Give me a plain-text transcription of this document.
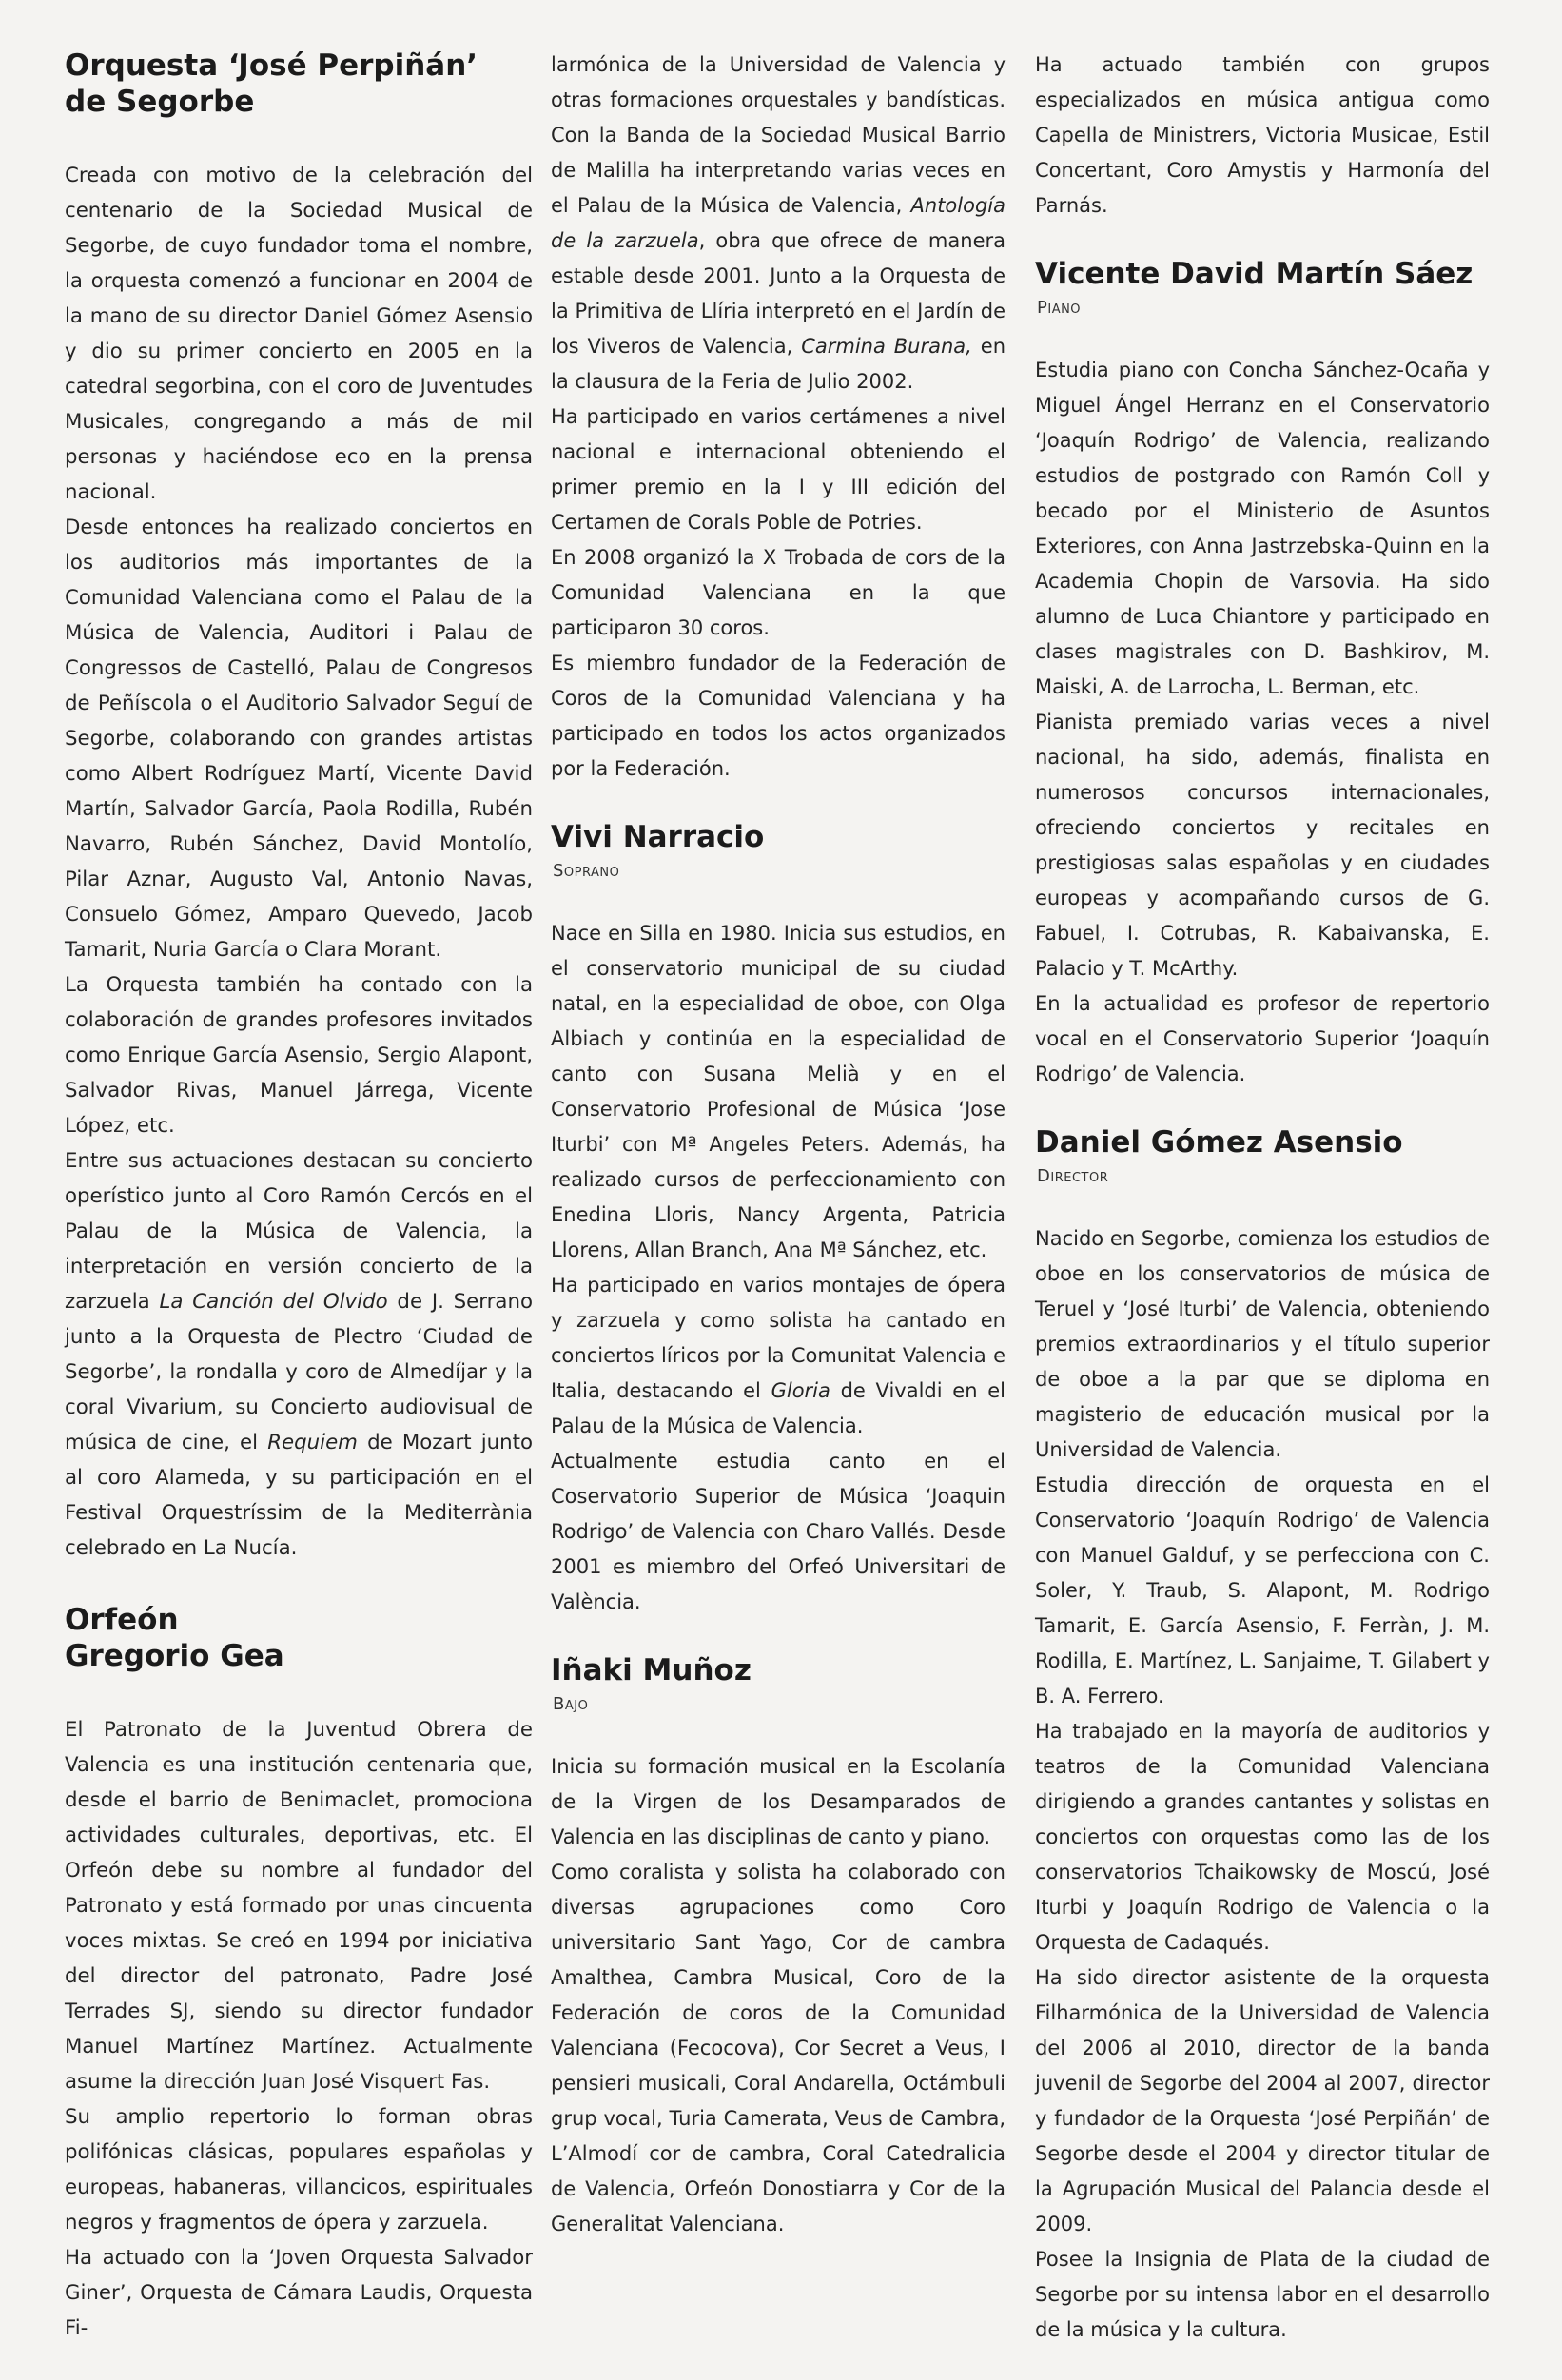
Orquesta ‘José Perpiñán’
de Segorbe

Creada con motivo de la celebración del centenario de la Sociedad Musical de Segorbe, de cuyo fundador toma el nombre, la orquesta comenzó a funcionar en 2004 de la mano de su director Daniel Gómez Asensio y dio su primer concierto en 2005 en la catedral segorbina, con el coro de Juventudes Musicales, congregando a más de mil personas y haciéndose eco en la prensa nacional.

Desde entonces ha realizado conciertos en los auditorios más importantes de la Comunidad Valenciana como el Palau de la Música de Valencia, Auditori i Palau de Congressos de Castelló, Palau de Congresos de Peñíscola o el Auditorio Salvador Seguí de Segorbe, colaborando con grandes artistas como Albert Rodríguez Martí, Vicente David Martín, Salvador García, Paola Rodilla, Rubén Navarro, Rubén Sánchez, David Montolío, Pilar Aznar, Augusto Val, Antonio Navas, Consuelo Gómez, Amparo Quevedo, Jacob Tamarit, Nuria García o Clara Morant.

La Orquesta también ha contado con la colaboración de grandes profesores invitados como Enrique García Asensio, Sergio Alapont, Salvador Rivas, Manuel Járrega, Vicente López, etc.

Entre sus actuaciones destacan su concierto operístico junto al Coro Ramón Cercós en el Palau de la Música de Valencia, la interpretación en versión concierto de la zarzuela La Canción del Olvido de J. Serrano junto a la Orquesta de Plectro ‘Ciudad de Segorbe’, la rondalla y coro de Almedíjar y la coral Vivarium, su Concierto audiovisual de música de cine, el Requiem de Mozart junto al coro Alameda, y su participación en el Festival Orquestríssim de la Mediterrània celebrado en La Nucía.

Orfeón
Gregorio Gea

El Patronato de la Juventud Obrera de Valencia es una institución centenaria que, desde el barrio de Benimaclet, promociona actividades culturales, deportivas, etc. El Orfeón debe su nombre al fundador del Patronato y está formado por unas cincuenta voces mixtas. Se creó en 1994 por iniciativa del director del patronato, Padre José Terrades SJ, siendo su director fundador Manuel Martínez Martínez. Actualmente asume la dirección Juan José Visquert Fas.

Su amplio repertorio lo forman obras polifónicas clásicas, populares españolas y europeas, habaneras, villancicos, espirituales negros y fragmentos de ópera y zarzuela.

Ha actuado con la ‘Joven Orquesta Salvador Giner’, Orquesta de Cámara Laudis, Orquesta Fi-

larmónica de la Universidad de Valencia y otras formaciones orquestales y bandísticas. Con la Banda de la Sociedad Musical Barrio de Malilla ha interpretando varias veces en el Palau de la Música de Valencia, Antología de la zarzuela, obra que ofrece de manera estable desde 2001. Junto a la Orquesta de la Primitiva de Llíria interpretó en el Jardín de los Viveros de Valencia, Carmina Burana, en la clausura de la Feria de Julio 2002.

Ha participado en varios certámenes a nivel nacional e internacional obteniendo el primer premio en la I y III edición del Certamen de Corals Poble de Potries.

En 2008 organizó la X Trobada de cors de la Comunidad Valenciana en la que participaron 30 coros.

Es miembro fundador de la Federación de Coros de la Comunidad Valenciana y ha participado en todos los actos organizados por la Federación.

Vivi Narracio
Soprano

Nace en Silla en 1980. Inicia sus estudios, en el conservatorio municipal de su ciudad natal, en la especialidad de oboe, con Olga Albiach y continúa en la especialidad de canto con Susana Melià y en el Conservatorio Profesional de Música ‘Jose Iturbi’ con Mª Angeles Peters. Además, ha realizado cursos de perfeccionamiento con Enedina Lloris, Nancy Argenta, Patricia Llorens, Allan Branch, Ana Mª Sánchez, etc.

Ha participado en varios montajes de ópera y zarzuela y como solista ha cantado en conciertos líricos por la Comunitat Valencia e Italia, destacando el Gloria de Vivaldi en el Palau de la Música de Valencia.

Actualmente estudia canto en el Coservatorio Superior de Música ‘Joaquin Rodrigo’ de Valencia con Charo Vallés. Desde 2001 es miembro del Orfeó Universitari de València.

Iñaki Muñoz
Bajo

Inicia su formación musical en la Escolanía de la Virgen de los Desamparados de Valencia en las disciplinas de canto y piano.

Como coralista y solista ha colaborado con diversas agrupaciones como Coro universitario Sant Yago, Cor de cambra Amalthea, Cambra Musical, Coro de la Federación de coros de la Comunidad Valenciana (Fecocova), Cor Secret a Veus, I pensieri musicali, Coral Andarella, Octámbuli grup vocal, Turia Camerata, Veus de Cambra, L’Almodí cor de cambra, Coral Catedralicia de Valencia, Orfeón Donostiarra y Cor de la Generalitat Valenciana.

Ha actuado también con grupos especializados en música antigua como Capella de Ministrers, Victoria Musicae, Estil Concertant, Coro Amystis y Harmonía del Parnás.

Vicente David Martín Sáez
Piano

Estudia piano con Concha Sánchez-Ocaña y Miguel Ángel Herranz en el Conservatorio ‘Joaquín Rodrigo’ de Valencia, realizando estudios de postgrado con Ramón Coll y becado por el Ministerio de Asuntos Exteriores, con Anna Jastrzebska-Quinn en la Academia Chopin de Varsovia. Ha sido alumno de Luca Chiantore y participado en clases magistrales con D. Bashkirov, M. Maiski, A. de Larrocha, L. Berman, etc.

Pianista premiado varias veces a nivel nacional, ha sido, además, finalista en numerosos concursos internacionales, ofreciendo conciertos y recitales en prestigiosas salas españolas y en ciudades europeas y acompañando cursos de G. Fabuel, I. Cotrubas, R. Kabaivanska, E. Palacio y T. McArthy.

En la actualidad es profesor de repertorio vocal en el Conservatorio Superior ‘Joaquín Rodrigo’ de Valencia.

Daniel Gómez Asensio
Director

Nacido en Segorbe, comienza los estudios de oboe en los conservatorios de música de Teruel y ‘José Iturbi’ de Valencia, obteniendo premios extraordinarios y el título superior de oboe a la par que se diploma en magisterio de educación musical por la Universidad de Valencia.

Estudia dirección de orquesta en el Conservatorio ‘Joaquín Rodrigo’ de Valencia con Manuel Galduf, y se perfecciona con C. Soler, Y. Traub, S. Alapont, M. Rodrigo Tamarit, E. García Asensio, F. Ferràn, J. M. Rodilla, E. Martínez, L. Sanjaime, T. Gilabert y B. A. Ferrero.

Ha trabajado en la mayoría de auditorios y teatros de la Comunidad Valenciana dirigiendo a grandes cantantes y solistas en conciertos con orquestas como las de los conservatorios Tchaikowsky de Moscú, José Iturbi y Joaquín Rodrigo de Valencia o la Orquesta de Cadaqués.

Ha sido director asistente de la orquesta Filharmónica de la Universidad de Valencia del 2006 al 2010, director de la banda juvenil de Segorbe del 2004 al 2007, director y fundador de la Orquesta ‘José Perpiñán’ de Segorbe desde el 2004 y director titular de la Agrupación Musical del Palancia desde el 2009.

Posee la Insignia de Plata de la ciudad de Segorbe por su intensa labor en el desarrollo de la música y la cultura.
